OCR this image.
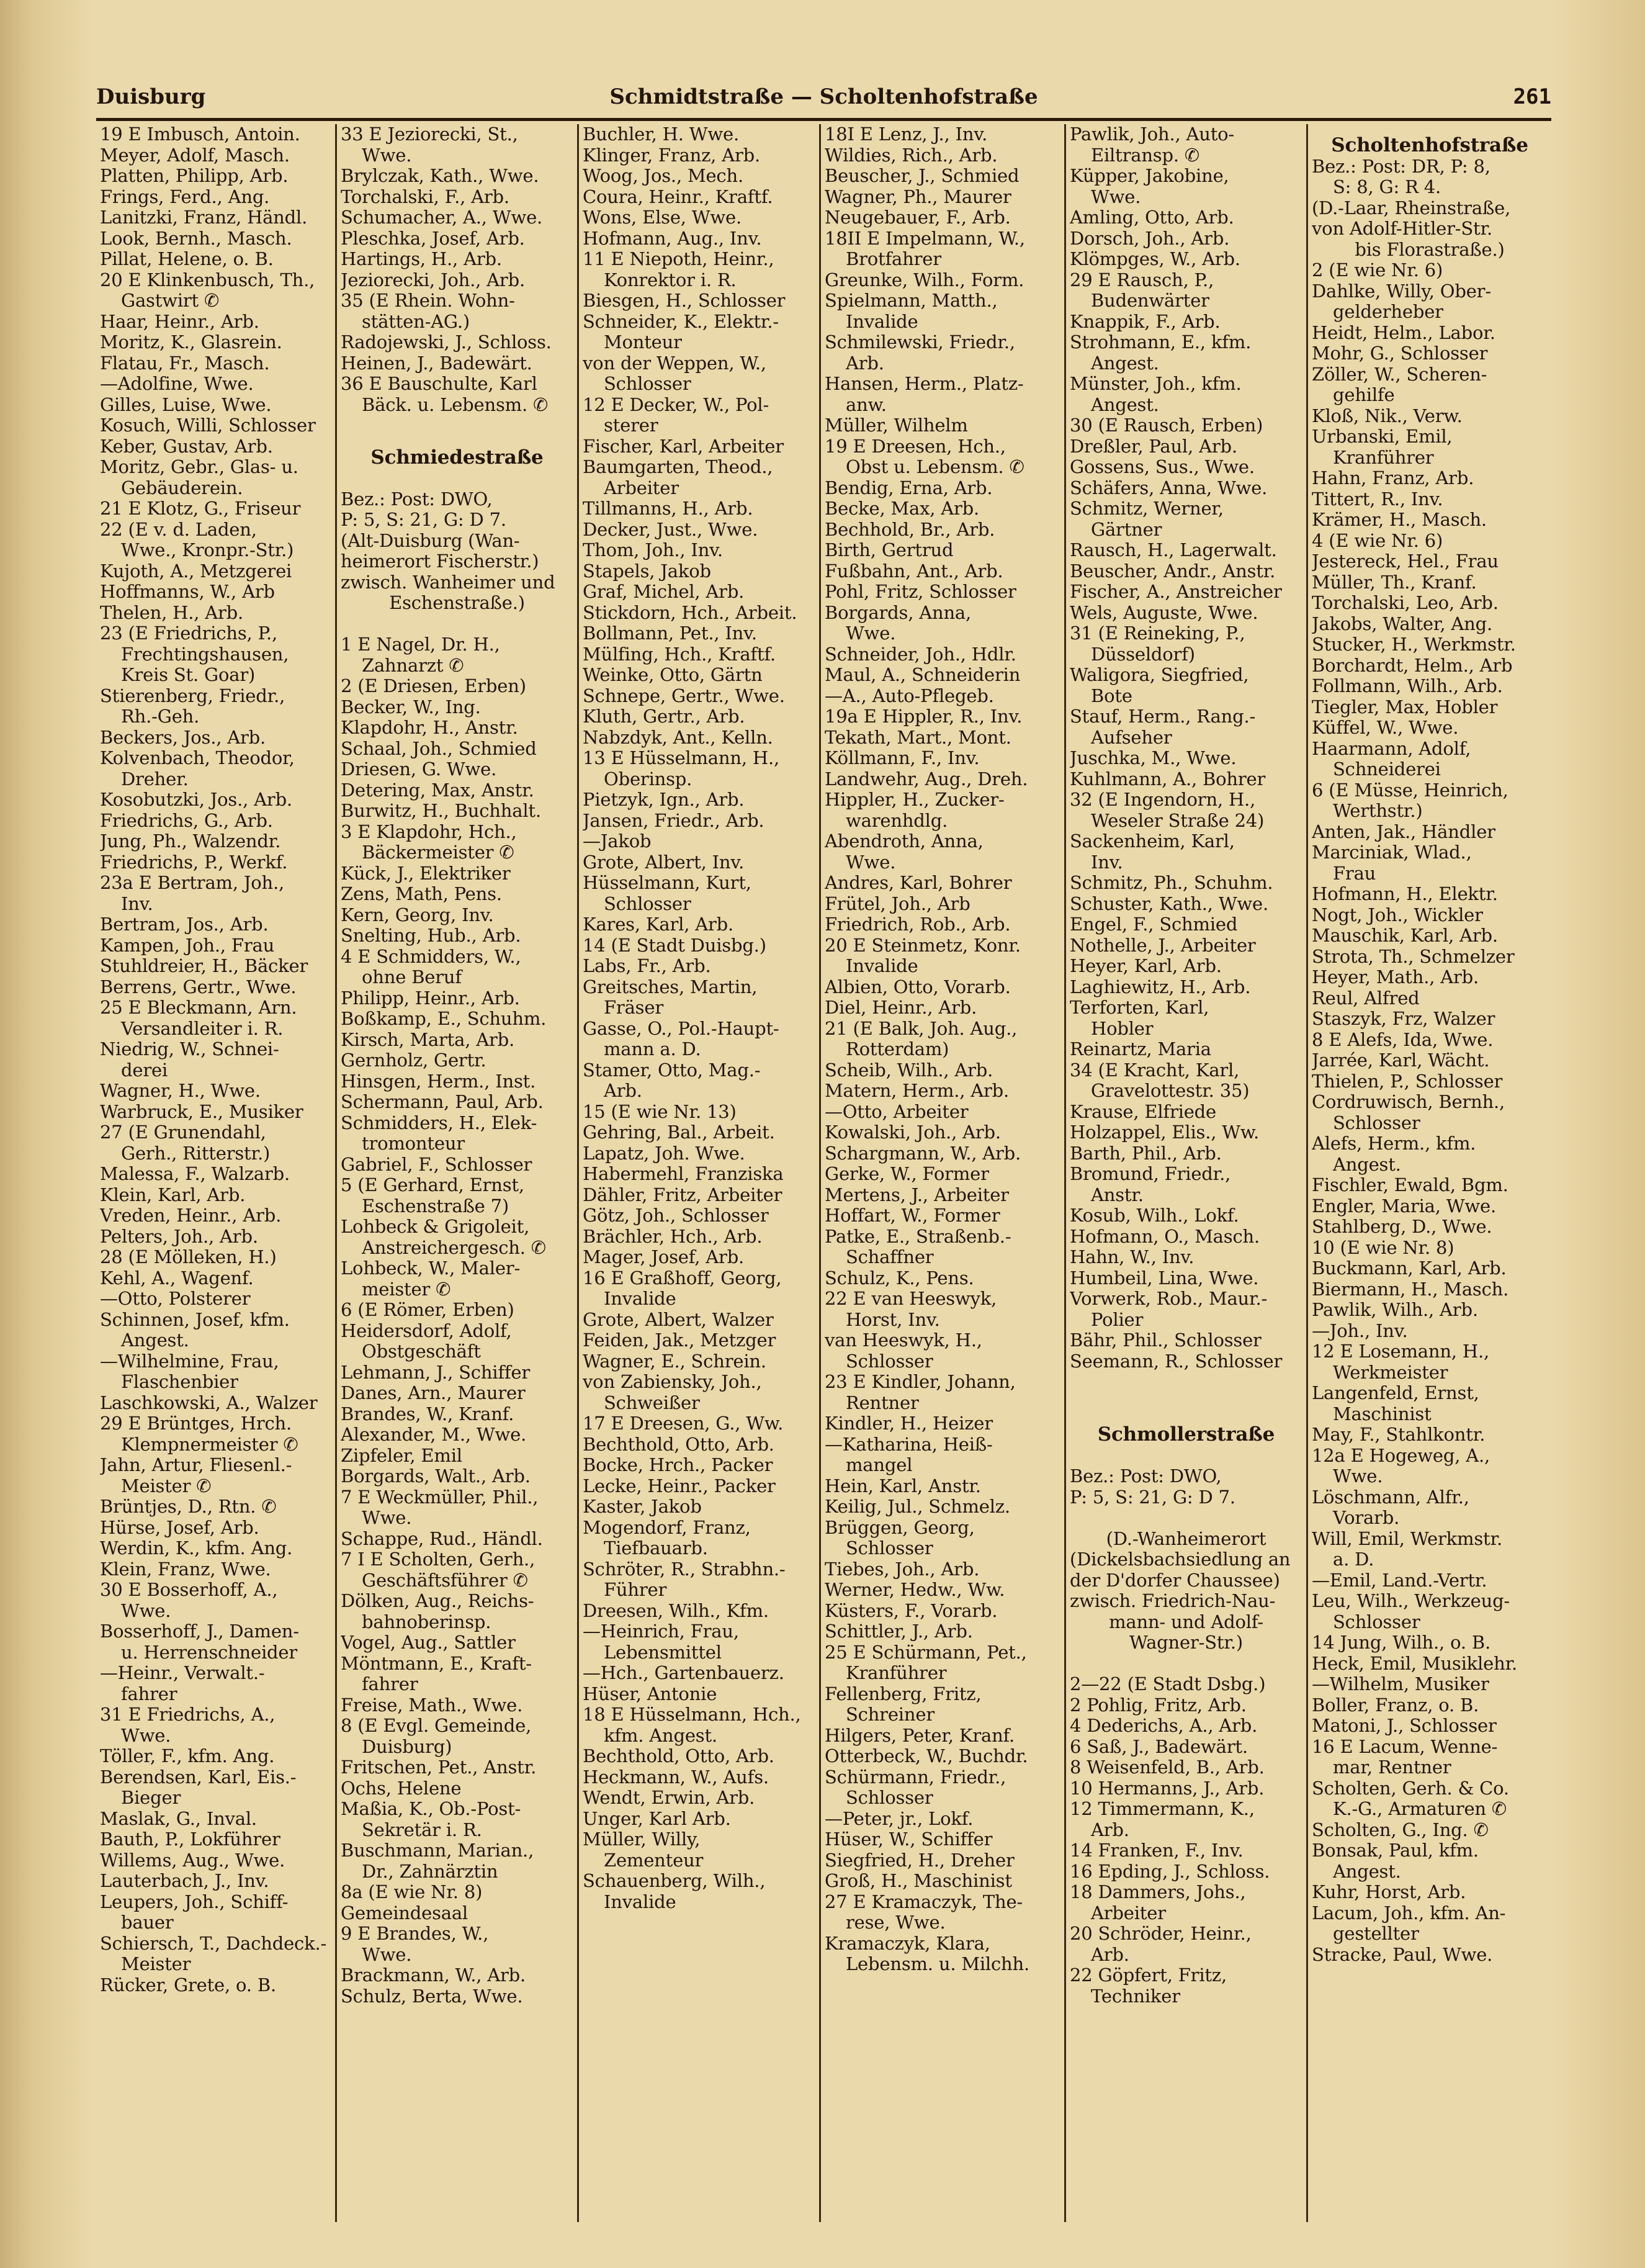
Duisburg	Schmidtstraße — Scholtenhofstraße	261
19 E Imbusch, Antoin.
Meyer, Adolf, Masch.
Platten, Philipp, Arb.
Frings, Ferd., Ang.
Lanitzki, Franz, Händl.
Look, Bernh., Masch.
Pillat, Helene, o. B.
20 E Klinkenbusch, Th.,
Gastwirt ✆
Haar, Heinr., Arb.
Moritz, K., Glasrein.
Flatau, Fr., Masch.
—Adolfine, Wwe.
Gilles, Luise, Wwe.
Kosuch, Willi, Schlosser
Keber, Gustav, Arb.
Moritz, Gebr., Glas- u.
Gebäuderein.
21 E Klotz, G., Friseur
22 (E v. d. Laden,
Wwe., Kronpr.-Str.)
Kujoth, A., Metzgerei
Hoffmanns, W., Arb
Thelen, H., Arb.
23 (E Friedrichs, P.,
Frechtingshausen,
Kreis St. Goar)
Stierenberg, Friedr.,
Rh.-Geh.
Beckers, Jos., Arb.
Kolvenbach, Theodor,
Dreher.
Kosobutzki, Jos., Arb.
Friedrichs, G., Arb.
Jung, Ph., Walzendr.
Friedrichs, P., Werkf.
23a E Bertram, Joh.,
Inv.
Bertram, Jos., Arb.
Kampen, Joh., Frau
Stuhldreier, H., Bäcker
Berrens, Gertr., Wwe.
25 E Bleckmann, Arn.
Versandleiter i. R.
Niedrig, W., Schnei-
derei
Wagner, H., Wwe.
Warbruck, E., Musiker
27 (E Grunendahl,
Gerh., Ritterstr.)
Malessa, F., Walzarb.
Klein, Karl, Arb.
Vreden, Heinr., Arb.
Pelters, Joh., Arb.
28 (E Mölleken, H.)
Kehl, A., Wagenf.
—Otto, Polsterer
Schinnen, Josef, kfm.
Angest.
—Wilhelmine, Frau,
Flaschenbier
Laschkowski, A., Walzer
29 E Brüntges, Hrch.
Klempnermeister ✆
Jahn, Artur, Fliesenl.-
Meister ✆
Brüntjes, D., Rtn. ✆
Hürse, Josef, Arb.
Werdin, K., kfm. Ang.
Klein, Franz, Wwe.
30 E Bosserhoff, A.,
Wwe.
Bosserhoff, J., Damen-
u. Herrenschneider
—Heinr., Verwalt.-
fahrer
31 E Friedrichs, A.,
Wwe.
Töller, F., kfm. Ang.
Berendsen, Karl, Eis.-
Bieger
Maslak, G., Inval.
Bauth, P., Lokführer
Willems, Aug., Wwe.
Lauterbach, J., Inv.
Leupers, Joh., Schiff-
bauer
Schiersch, T., Dachdeck.-
Meister
Rücker, Grete, o. B.
33 E Jeziorecki, St.,
Wwe.
Brylczak, Kath., Wwe.
Torchalski, F., Arb.
Schumacher, A., Wwe.
Pleschka, Josef, Arb.
Hartings, H., Arb.
Jeziorecki, Joh., Arb.
35 (E Rhein. Wohn-
stätten-AG.)
Radojewski, J., Schloss.
Heinen, J., Badewärt.
36 E Bauschulte, Karl
Bäck. u. Lebensm. ✆
Schmiedestraße
Bez.: Post: DWO,
P: 5, S: 21, G: D 7.
(Alt-Duisburg (Wan-
heimerort Fischerstr.)
zwisch. Wanheimer und
Eschenstraße.)
1 E Nagel, Dr. H.,
Zahnarzt ✆
2 (E Driesen, Erben)
Becker, W., Ing.
Klapdohr, H., Anstr.
Schaal, Joh., Schmied
Driesen, G. Wwe.
Detering, Max, Anstr.
Burwitz, H., Buchhalt.
3 E Klapdohr, Hch.,
Bäckermeister ✆
Kück, J., Elektriker
Zens, Math, Pens.
Kern, Georg, Inv.
Snelting, Hub., Arb.
4 E Schmidders, W.,
ohne Beruf
Philipp, Heinr., Arb.
Boßkamp, E., Schuhm.
Kirsch, Marta, Arb.
Gernholz, Gertr.
Hinsgen, Herm., Inst.
Schermann, Paul, Arb.
Schmidders, H., Elek-
tromonteur
Gabriel, F., Schlosser
5 (E Gerhard, Ernst,
Eschenstraße 7)
Lohbeck & Grigoleit,
Anstreichergesch. ✆
Lohbeck, W., Maler-
meister ✆
6 (E Römer, Erben)
Heidersdorf, Adolf,
Obstgeschäft
Lehmann, J., Schiffer
Danes, Arn., Maurer
Brandes, W., Kranf.
Alexander, M., Wwe.
Zipfeler, Emil
Borgards, Walt., Arb.
7 E Weckmüller, Phil.,
Wwe.
Schappe, Rud., Händl.
7 I E Scholten, Gerh.,
Geschäftsführer ✆
Dölken, Aug., Reichs-
bahnoberinsp.
Vogel, Aug., Sattler
Möntmann, E., Kraft-
fahrer
Freise, Math., Wwe.
8 (E Evgl. Gemeinde,
Duisburg)
Fritschen, Pet., Anstr.
Ochs, Helene
Maßia, K., Ob.-Post-
Sekretär i. R.
Buschmann, Marian.,
Dr., Zahnärztin
8a (E wie Nr. 8)
Gemeindesaal
9 E Brandes, W.,
Wwe.
Brackmann, W., Arb.
Schulz, Berta, Wwe.
Buchler, H. Wwe.
Klinger, Franz, Arb.
Woog, Jos., Mech.
Coura, Heinr., Kraftf.
Wons, Else, Wwe.
Hofmann, Aug., Inv.
11 E Niepoth, Heinr.,
Konrektor i. R.
Biesgen, H., Schlosser
Schneider, K., Elektr.-
Monteur
von der Weppen, W.,
Schlosser
12 E Decker, W., Pol-
sterer
Fischer, Karl, Arbeiter
Baumgarten, Theod.,
Arbeiter
Tillmanns, H., Arb.
Decker, Just., Wwe.
Thom, Joh., Inv.
Stapels, Jakob
Graf, Michel, Arb.
Stickdorn, Hch., Arbeit.
Bollmann, Pet., Inv.
Mülfing, Hch., Kraftf.
Weinke, Otto, Gärtn
Schnepe, Gertr., Wwe.
Kluth, Gertr., Arb.
Nabzdyk, Ant., Kelln.
13 E Hüsselmann, H.,
Oberinsp.
Pietzyk, Ign., Arb.
Jansen, Friedr., Arb.
—Jakob
Grote, Albert, Inv.
Hüsselmann, Kurt,
Schlosser
Kares, Karl, Arb.
14 (E Stadt Duisbg.)
Labs, Fr., Arb.
Greitsches, Martin,
Fräser
Gasse, O., Pol.-Haupt-
mann a. D.
Stamer, Otto, Mag.-
Arb.
15 (E wie Nr. 13)
Gehring, Bal., Arbeit.
Lapatz, Joh. Wwe.
Habermehl, Franziska
Dähler, Fritz, Arbeiter
Götz, Joh., Schlosser
Brächler, Hch., Arb.
Mager, Josef, Arb.
16 E Graßhoff, Georg,
Invalide
Grote, Albert, Walzer
Feiden, Jak., Metzger
Wagner, E., Schrein.
von Zabiensky, Joh.,
Schweißer
17 E Dreesen, G., Ww.
Bechthold, Otto, Arb.
Bocke, Hrch., Packer
Lecke, Heinr., Packer
Kaster, Jakob
Mogendorf, Franz,
Tiefbauarb.
Schröter, R., Strabhn.-
Führer
Dreesen, Wilh., Kfm.
—Heinrich, Frau,
Lebensmittel
—Hch., Gartenbauerz.
Hüser, Antonie
18 E Hüsselmann, Hch.,
kfm. Angest.
Bechthold, Otto, Arb.
Heckmann, W., Aufs.
Wendt, Erwin, Arb.
Unger, Karl Arb.
Müller, Willy,
Zementeur
Schauenberg, Wilh.,
Invalide
18I E Lenz, J., Inv.
Wildies, Rich., Arb.
Beuscher, J., Schmied
Wagner, Ph., Maurer
Neugebauer, F., Arb.
18II E Impelmann, W.,
Brotfahrer
Greunke, Wilh., Form.
Spielmann, Matth.,
Invalide
Schmilewski, Friedr.,
Arb.
Hansen, Herm., Platz-
anw.
Müller, Wilhelm
19 E Dreesen, Hch.,
Obst u. Lebensm. ✆
Bendig, Erna, Arb.
Becke, Max, Arb.
Bechhold, Br., Arb.
Birth, Gertrud
Fußbahn, Ant., Arb.
Pohl, Fritz, Schlosser
Borgards, Anna,
Wwe.
Schneider, Joh., Hdlr.
Maul, A., Schneiderin
—A., Auto-Pflegeb.
19a E Hippler, R., Inv.
Tekath, Mart., Mont.
Köllmann, F., Inv.
Landwehr, Aug., Dreh.
Hippler, H., Zucker-
warenhdlg.
Abendroth, Anna,
Wwe.
Andres, Karl, Bohrer
Frütel, Joh., Arb
Friedrich, Rob., Arb.
20 E Steinmetz, Konr.
Invalide
Albien, Otto, Vorarb.
Diel, Heinr., Arb.
21 (E Balk, Joh. Aug.,
Rotterdam)
Scheib, Wilh., Arb.
Matern, Herm., Arb.
—Otto, Arbeiter
Kowalski, Joh., Arb.
Schargmann, W., Arb.
Gerke, W., Former
Mertens, J., Arbeiter
Hoffart, W., Former
Patke, E., Straßenb.-
Schaffner
Schulz, K., Pens.
22 E van Heeswyk,
Horst, Inv.
van Heeswyk, H.,
Schlosser
23 E Kindler, Johann,
Rentner
Kindler, H., Heizer
—Katharina, Heiß-
mangel
Hein, Karl, Anstr.
Keilig, Jul., Schmelz.
Brüggen, Georg,
Schlosser
Tiebes, Joh., Arb.
Werner, Hedw., Ww.
Küsters, F., Vorarb.
Schittler, J., Arb.
25 E Schürmann, Pet.,
Kranführer
Fellenberg, Fritz,
Schreiner
Hilgers, Peter, Kranf.
Otterbeck, W., Buchdr.
Schürmann, Friedr.,
Schlosser
—Peter, jr., Lokf.
Hüser, W., Schiffer
Siegfried, H., Dreher
Groß, H., Maschinist
27 E Kramaczyk, The-
rese, Wwe.
Kramaczyk, Klara,
Lebensm. u. Milchh.
Pawlik, Joh., Auto-
Eiltransp. ✆
Küpper, Jakobine,
Wwe.
Amling, Otto, Arb.
Dorsch, Joh., Arb.
Klömpges, W., Arb.
29 E Rausch, P.,
Budenwärter
Knappik, F., Arb.
Strohmann, E., kfm.
Angest.
Münster, Joh., kfm.
Angest.
30 (E Rausch, Erben)
Dreßler, Paul, Arb.
Gossens, Sus., Wwe.
Schäfers, Anna, Wwe.
Schmitz, Werner,
Gärtner
Rausch, H., Lagerwalt.
Beuscher, Andr., Anstr.
Fischer, A., Anstreicher
Wels, Auguste, Wwe.
31 (E Reineking, P.,
Düsseldorf)
Waligora, Siegfried,
Bote
Stauf, Herm., Rang.-
Aufseher
Juschka, M., Wwe.
Kuhlmann, A., Bohrer
32 (E Ingendorn, H.,
Weseler Straße 24)
Sackenheim, Karl,
Inv.
Schmitz, Ph., Schuhm.
Schuster, Kath., Wwe.
Engel, F., Schmied
Nothelle, J., Arbeiter
Heyer, Karl, Arb.
Laghiewitz, H., Arb.
Terforten, Karl,
Hobler
Reinartz, Maria
34 (E Kracht, Karl,
Gravelottestr. 35)
Krause, Elfriede
Holzappel, Elis., Ww.
Barth, Phil., Arb.
Bromund, Friedr.,
Anstr.
Kosub, Wilh., Lokf.
Hofmann, O., Masch.
Hahn, W., Inv.
Humbeil, Lina, Wwe.
Vorwerk, Rob., Maur.-
Polier
Bähr, Phil., Schlosser
Seemann, R., Schlosser
Schmollerstraße
Bez.: Post: DWO,
P: 5, S: 21, G: D 7.
(D.-Wanheimerort
(Dickelsbachsiedlung an
der D'dorfer Chaussee)
zwisch. Friedrich-Nau-
mann- und Adolf-
Wagner-Str.)
2—22 (E Stadt Dsbg.)
2 Pohlig, Fritz, Arb.
4 Dederichs, A., Arb.
6 Saß, J., Badewärt.
8 Weisenfeld, B., Arb.
10 Hermanns, J., Arb.
12 Timmermann, K.,
Arb.
14 Franken, F., Inv.
16 Epding, J., Schloss.
18 Dammers, Johs.,
Arbeiter
20 Schröder, Heinr.,
Arb.
22 Göpfert, Fritz,
Techniker
Scholtenhofstraße
Bez.: Post: DR, P: 8,
S: 8, G: R 4.
(D.-Laar, Rheinstraße,
von Adolf-Hitler-Str.
bis Florastraße.)
2 (E wie Nr. 6)
Dahlke, Willy, Ober-
gelderheber
Heidt, Helm., Labor.
Mohr, G., Schlosser
Zöller, W., Scheren-
gehilfe
Kloß, Nik., Verw.
Urbanski, Emil,
Kranführer
Hahn, Franz, Arb.
Tittert, R., Inv.
Krämer, H., Masch.
4 (E wie Nr. 6)
Jestereck, Hel., Frau
Müller, Th., Kranf.
Torchalski, Leo, Arb.
Jakobs, Walter, Ang.
Stucker, H., Werkmstr.
Borchardt, Helm., Arb
Follmann, Wilh., Arb.
Tiegler, Max, Hobler
Küffel, W., Wwe.
Haarmann, Adolf,
Schneiderei
6 (E Müsse, Heinrich,
Werthstr.)
Anten, Jak., Händler
Marciniak, Wlad.,
Frau
Hofmann, H., Elektr.
Nogt, Joh., Wickler
Mauschik, Karl, Arb.
Strota, Th., Schmelzer
Heyer, Math., Arb.
Reul, Alfred
Staszyk, Frz, Walzer
8 E Alefs, Ida, Wwe.
Jarrée, Karl, Wächt.
Thielen, P., Schlosser
Cordruwisch, Bernh.,
Schlosser
Alefs, Herm., kfm.
Angest.
Fischler, Ewald, Bgm.
Engler, Maria, Wwe.
Stahlberg, D., Wwe.
10 (E wie Nr. 8)
Buckmann, Karl, Arb.
Biermann, H., Masch.
Pawlik, Wilh., Arb.
—Joh., Inv.
12 E Losemann, H.,
Werkmeister
Langenfeld, Ernst,
Maschinist
May, F., Stahlkontr.
12a E Hogeweg, A.,
Wwe.
Löschmann, Alfr.,
Vorarb.
Will, Emil, Werkmstr.
a. D.
—Emil, Land.-Vertr.
Leu, Wilh., Werkzeug-
Schlosser
14 Jung, Wilh., o. B.
Heck, Emil, Musiklehr.
—Wilhelm, Musiker
Boller, Franz, o. B.
Matoni, J., Schlosser
16 E Lacum, Wenne-
mar, Rentner
Scholten, Gerh. & Co.
K.-G., Armaturen ✆
Scholten, G., Ing. ✆
Bonsak, Paul, kfm.
Angest.
Kuhr, Horst, Arb.
Lacum, Joh., kfm. An-
gestellter
Stracke, Paul, Wwe.
